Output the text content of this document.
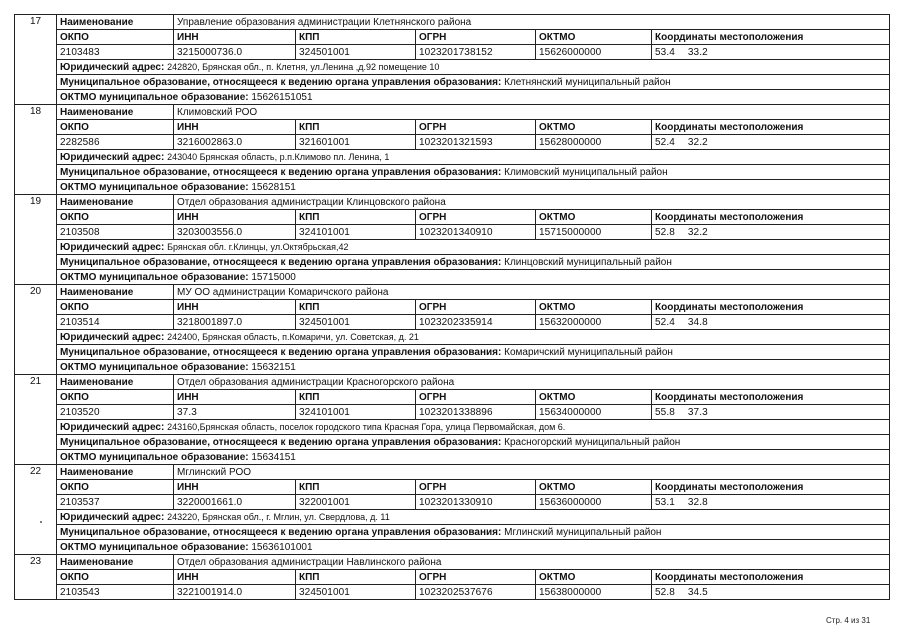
17	Наименование	Управление образования администрации Клетнянского района				
	ОКПО	ИНН	КПП	ОГРН	ОКТМО	Координаты местоположения
	2103483	3215000736.0	324501001	1023201738152	15626000000	53.4 33.2
	Юридический адрес: 242820, Брянская обл., п. Клетня, ул.Ленина ,д.92 помещение 10					
	Муниципальное образование, относящееся к ведению органа управления образования: Клетнянский муниципальный район					
	ОКТМО муниципальное образование: 15626151051					
18	Наименование	Климовский РОО				
	ОКПО	ИНН	КПП	ОГРН	ОКТМО	Координаты местоположения
	2282586	3216002863.0	321601001	1023201321593	15628000000	52.4 32.2
	Юридический адрес: 243040 Брянская область, р.п.Климово пл. Ленина, 1					
	Муниципальное образование, относящееся к ведению органа управления образования: Климовский муниципальный район					
	ОКТМО муниципальное образование: 15628151					
19	Наименование	Отдел образования администрации Клинцовского района				
	ОКПО	ИНН	КПП	ОГРН	ОКТМО	Координаты местоположения
	2103508	3203003556.0	324101001	1023201340910	15715000000	52.8 32.2
	Юридический адрес: Брянская обл. г.Клинцы, ул.Октябрьская,42					
	Муниципальное образование, относящееся к ведению органа управления образования: Клинцовский муниципальный район					
	ОКТМО муниципальное образование: 15715000					
20	Наименование	МУ ОО администрации Комаричского района				
	ОКПО	ИНН	КПП	ОГРН	ОКТМО	Координаты местоположения
	2103514	3218001897.0	324501001	1023202335914	15632000000	52.4 34.8
	Юридический адрес: 242400, Брянская область, п.Комаричи, ул. Советская, д. 21					
	Муниципальное образование, относящееся к ведению органа управления образования: Комаричский муниципальный район					
	ОКТМО муниципальное образование: 15632151					
21	Наименование	Отдел образования администрации Красногорского района				
	ОКПО	ИНН	КПП	ОГРН	ОКТМО	Координаты местоположения
	2103520	37.3	324101001	1023201338896	15634000000	55.8 37.3
	Юридический адрес: 243160,Брянская область, поселок городского типа Красная Гора, улица Первомайская, дом 6.					
	Муниципальное образование, относящееся к ведению органа управления образования: Красногорский муниципальный район					
	ОКТМО муниципальное образование: 15634151					
22	Наименование	Мглинский РОО				
	ОКПО	ИНН	КПП	ОГРН	ОКТМО	Координаты местоположения
	2103537	3220001661.0	322001001	1023201330910	15636000000	53.1 32.8
	Юридический адрес: 243220, Брянская обл., г. Мглин, ул. Свердлова, д. 11					
	Муниципальное образование, относящееся к ведению органа управления образования: Мглинский муниципальный район					
	ОКТМО муниципальное образование: 15636101001					
23	Наименование	Отдел образования администрации Навлинского района				
	ОКПО	ИНН	КПП	ОГРН	ОКТМО	Координаты местоположения
	2103543	3221001914.0	324501001	1023202537676	15638000000	52.8 34.5
Стр. 4 из 31
